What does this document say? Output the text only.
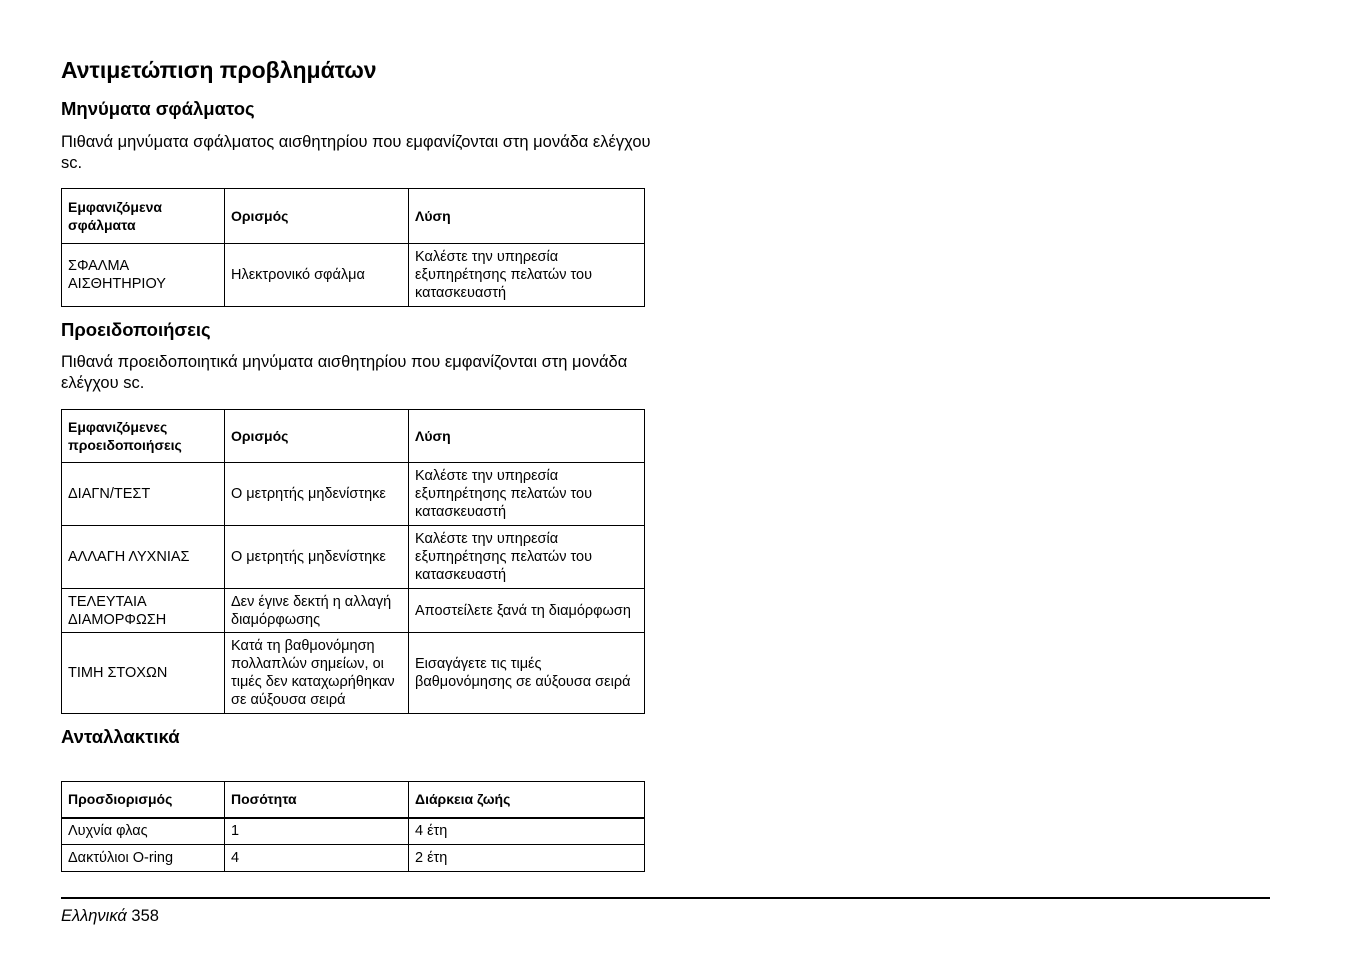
Αντιμετώπιση προβλημάτων
Μηνύματα σφάλματος

Πιθανά μηνύματα σφάλματος αισθητηρίου που εμφανίζονται στη μονάδα ελέγχου sc.

Εμφανιζόμενα σφάλματα	Ορισμός	Λύση
ΣΦΑΛΜΑ ΑΙΣΘΗΤΗΡΙΟΥ	Ηλεκτρονικό σφάλμα	Καλέστε την υπηρεσία εξυπηρέτησης πελατών του κατασκευαστή
Προειδοποιήσεις

Πιθανά προειδοποιητικά μηνύματα αισθητηρίου που εμφανίζονται στη μονάδα ελέγχου sc.

Εμφανιζόμενες προειδοποιήσεις	Ορισμός	Λύση
ΔΙΑΓΝ/ΤΕΣΤ	Ο μετρητής μηδενίστηκε	Καλέστε την υπηρεσία εξυπηρέτησης πελατών του κατασκευαστή
ΑΛΛΑΓΗ ΛΥΧΝΙΑΣ	Ο μετρητής μηδενίστηκε	Καλέστε την υπηρεσία εξυπηρέτησης πελατών του κατασκευαστή
ΤΕΛΕΥΤΑΙΑ ΔΙΑΜΟΡΦΩΣΗ	Δεν έγινε δεκτή η αλλαγή διαμόρφωσης	Αποστείλετε ξανά τη διαμόρφωση
ΤΙΜΗ ΣΤΟΧΩΝ	Κατά τη βαθμονόμηση πολλαπλών σημείων, οι τιμές δεν καταχωρήθηκαν σε αύξουσα σειρά	Εισαγάγετε τις τιμές βαθμονόμησης σε αύξουσα σειρά
Ανταλλακτικά
Προσδιορισμός	Ποσότητα	Διάρκεια ζωής
Λυχνία φλας	1	4 έτη
Δακτύλιοι O-ring	4	2 έτη
Ελληνικά 358
